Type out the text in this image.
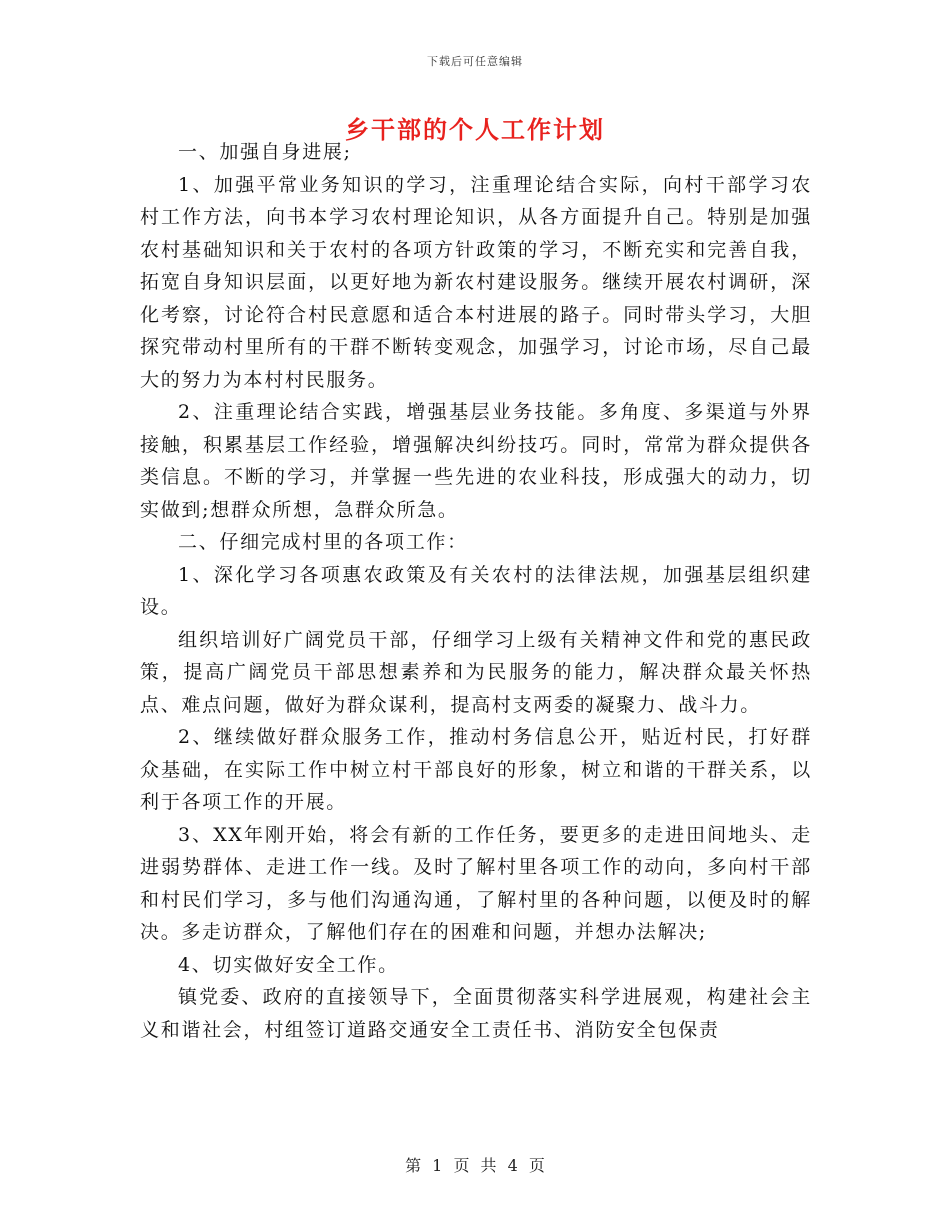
下载后可任意编辑
乡干部的个人工作计划

一、加强自身进展;

1、加强平常业务知识的学习，注重理论结合实际，向村干部学习农村工作方法，向书本学习农村理论知识，从各方面提升自己。特别是加强农村基础知识和关于农村的各项方针政策的学习，不断充实和完善自我，拓宽自身知识层面，以更好地为新农村建设服务。继续开展农村调研，深化考察，讨论符合村民意愿和适合本村进展的路子。同时带头学习，大胆探究带动村里所有的干群不断转变观念，加强学习，讨论市场，尽自己最大的努力为本村村民服务。

2、注重理论结合实践，增强基层业务技能。多角度、多渠道与外界接触，积累基层工作经验，增强解决纠纷技巧。同时，常常为群众提供各类信息。不断的学习，并掌握一些先进的农业科技，形成强大的动力，切实做到;想群众所想，急群众所急。

二、仔细完成村里的各项工作：

1、深化学习各项惠农政策及有关农村的法律法规，加强基层组织建设。

组织培训好广阔党员干部，仔细学习上级有关精神文件和党的惠民政策，提高广阔党员干部思想素养和为民服务的能力，解决群众最关怀热点、难点问题，做好为群众谋利，提高村支两委的凝聚力、战斗力。

2、继续做好群众服务工作，推动村务信息公开，贴近村民，打好群众基础，在实际工作中树立村干部良好的形象，树立和谐的干群关系，以利于各项工作的开展。

3、XX年刚开始，将会有新的工作任务，要更多的走进田间地头、走进弱势群体、走进工作一线。及时了解村里各项工作的动向，多向村干部和村民们学习，多与他们沟通沟通，了解村里的各种问题，以便及时的解决。多走访群众，了解他们存在的困难和问题，并想办法解决;

4、切实做好安全工作。

镇党委、政府的直接领导下，全面贯彻落实科学进展观，构建社会主义和谐社会，村组签订道路交通安全工责任书、消防安全包保责

第 1 页 共 4 页
